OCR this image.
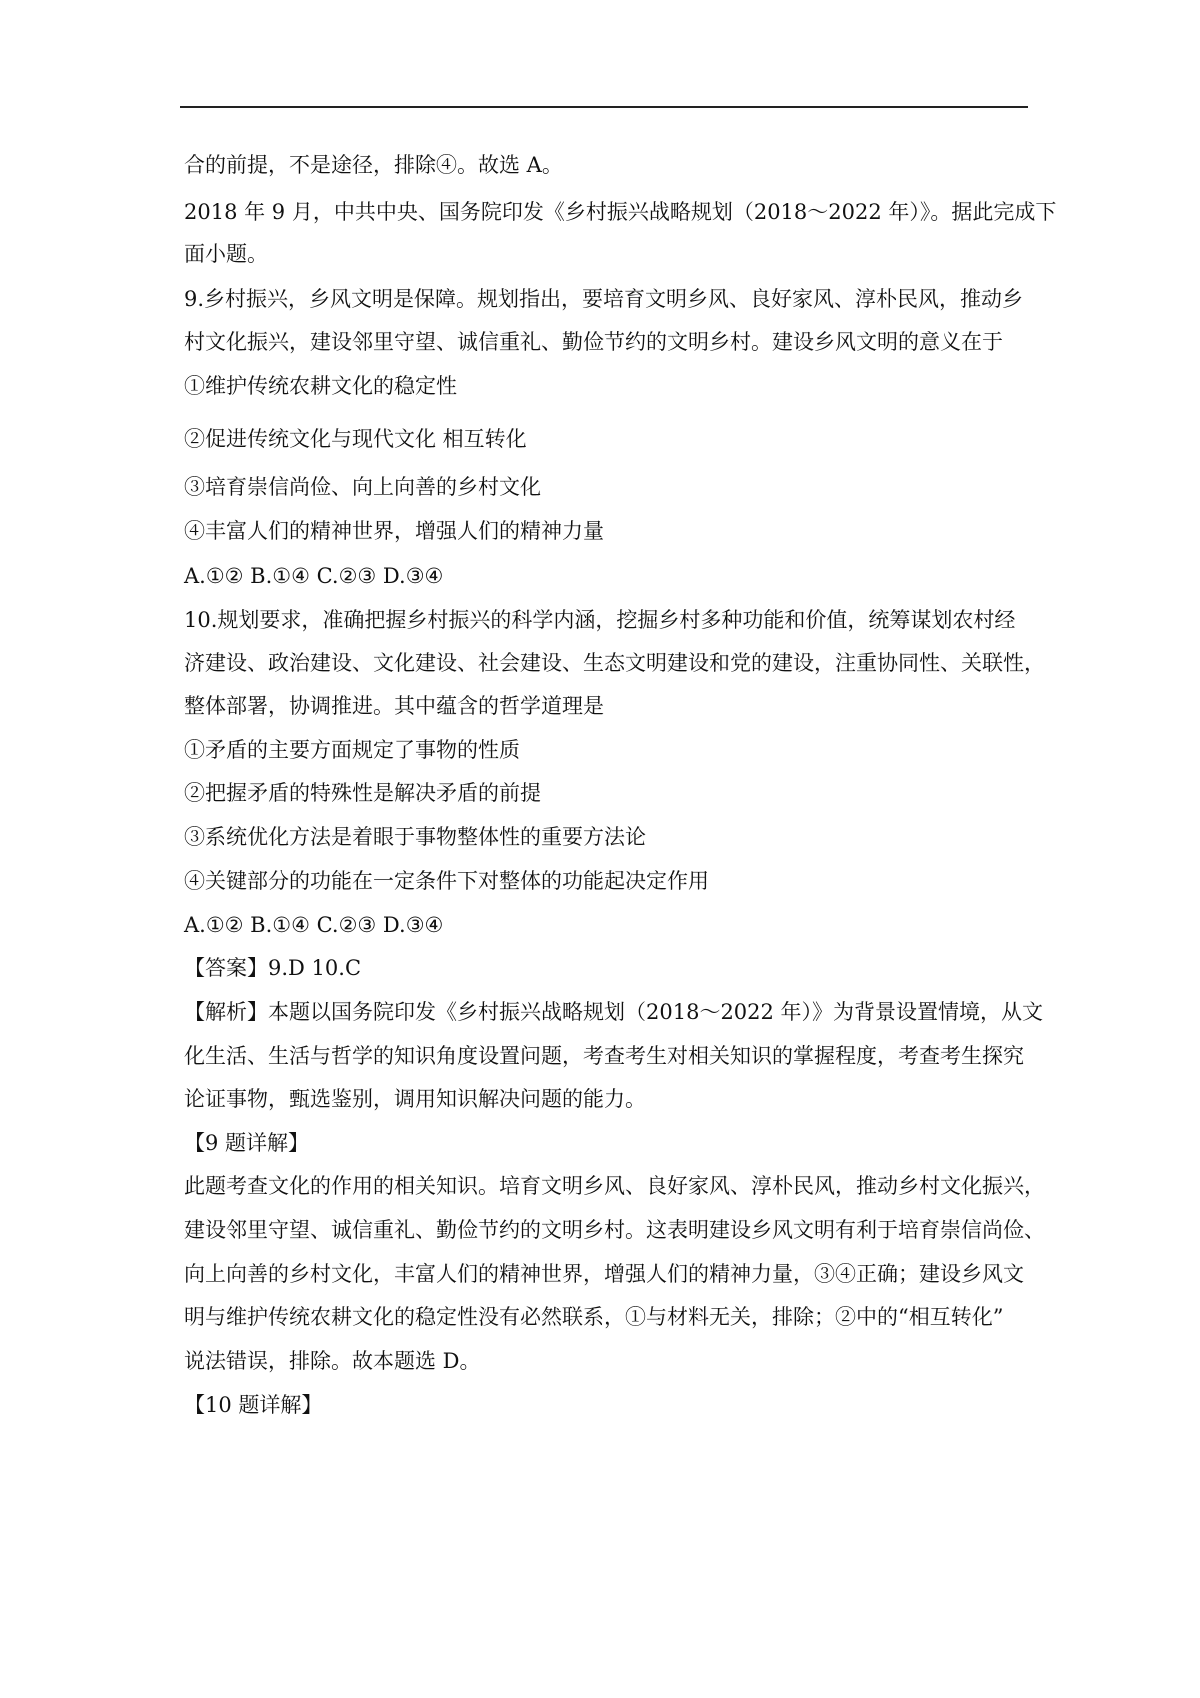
合的前提，不是途径，排除④。故选 A。
2018 年 9 月，中共中央、国务院印发《乡村振兴战略规划（2018～2022 年）》。据此完成下
面小题。
9.乡村振兴，乡风文明是保障。规划指出，要培育文明乡风、良好家风、淳朴民风，推动乡
村文化振兴，建设邻里守望、诚信重礼、勤俭节约的文明乡村。建设乡风文明的意义在于
①维护传统农耕文化的稳定性
②促进传统文化与现代文化 相互转化
③培育崇信尚俭、向上向善的乡村文化
④丰富人们的精神世界，增强人们的精神力量
A.①② B.①④ C.②③ D.③④
10.规划要求，准确把握乡村振兴的科学内涵，挖掘乡村多种功能和价值，统筹谋划农村经
济建设、政治建设、文化建设、社会建设、生态文明建设和党的建设，注重协同性、关联性，
整体部署，协调推进。其中蕴含的哲学道理是
①矛盾的主要方面规定了事物的性质
②把握矛盾的特殊性是解决矛盾的前提
③系统优化方法是着眼于事物整体性的重要方法论
④关键部分的功能在一定条件下对整体的功能起决定作用
A.①② B.①④ C.②③ D.③④
【答案】9.D 10.C
【解析】本题以国务院印发《乡村振兴战略规划（2018～2022 年）》为背景设置情境，从文
化生活、生活与哲学的知识角度设置问题，考查考生对相关知识的掌握程度，考查考生探究
论证事物，甄选鉴别，调用知识解决问题的能力。
【9 题详解】
此题考查文化的作用的相关知识。培育文明乡风、良好家风、淳朴民风，推动乡村文化振兴，
建设邻里守望、诚信重礼、勤俭节约的文明乡村。这表明建设乡风文明有利于培育崇信尚俭、
向上向善的乡村文化，丰富人们的精神世界，增强人们的精神力量，③④正确；建设乡风文
明与维护传统农耕文化的稳定性没有必然联系，①与材料无关，排除；②中的“相互转化”
说法错误，排除。故本题选 D。
【10 题详解】
